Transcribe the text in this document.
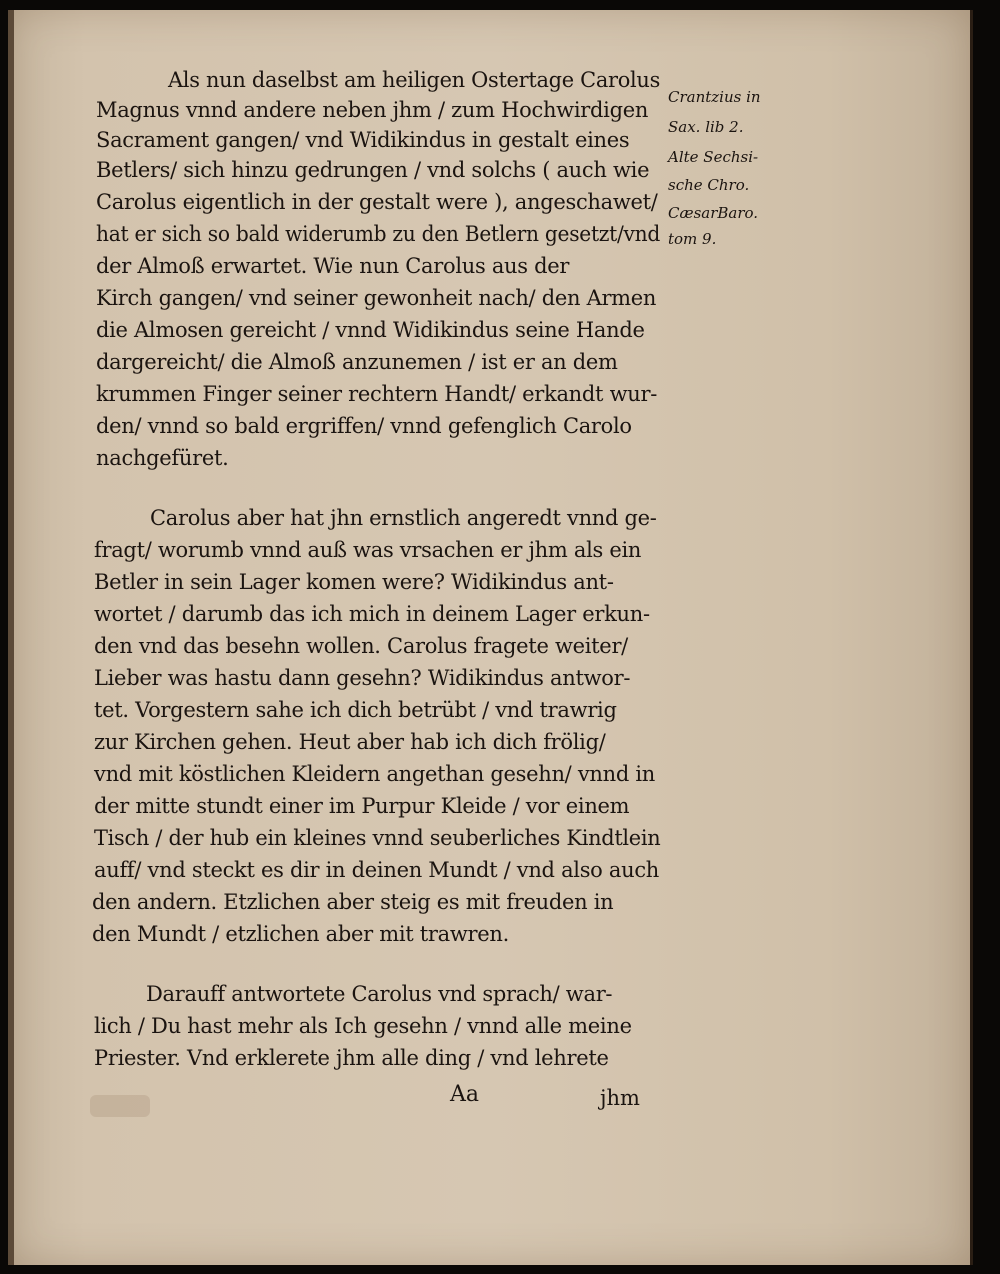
Als nun daselbst am heiligen Ostertage Carolus
Magnus vnnd andere neben jhm / zum Hochwirdigen
Sacrament gangen/ vnd Widikindus in gestalt eines
Betlers/ sich hinzu gedrungen / vnd solchs ( auch wie
Carolus eigentlich in der gestalt were ), angeschawet/
hat er sich so bald widerumb zu den Betlern gesetzt/vnd
der Almoß erwartet. Wie nun Carolus aus der
Kirch gangen/ vnd seiner gewonheit nach/ den Armen
die Almosen gereicht / vnnd Widikindus seine Hande
dargereicht/ die Almoß anzunemen / ist er an dem
krummen Finger seiner rechtern Handt/ erkandt wur-
den/ vnnd so bald ergriffen/ vnnd gefenglich Carolo
nachgefüret.
Carolus aber hat jhn ernstlich angeredt vnnd ge-
fragt/ worumb vnnd auß was vrsachen er jhm als ein
Betler in sein Lager komen were? Widikindus ant-
wortet / darumb das ich mich in deinem Lager erkun-
den vnd das besehn wollen. Carolus fragete weiter/
Lieber was hastu dann gesehn? Widikindus antwor-
tet. Vorgestern sahe ich dich betrübt / vnd trawrig
zur Kirchen gehen. Heut aber hab ich dich frölig/
vnd mit köstlichen Kleidern angethan gesehn/ vnnd in
der mitte stundt einer im Purpur Kleide / vor einem
Tisch / der hub ein kleines vnnd seuberliches Kindtlein
auff/ vnd steckt es dir in deinen Mundt / vnd also auch
den andern. Etzlichen aber steig es mit freuden in
den Mundt / etzlichen aber mit trawren.
Darauff antwortete Carolus vnd sprach/ war-
lich / Du hast mehr als Ich gesehn / vnnd alle meine
Priester. Vnd erklerete jhm alle ding / vnd lehrete
Crantzius in
Sax. lib 2.
Alte Sechsi-
sche Chro.
CæsarBaro.
tom 9.
Aa	jhm
